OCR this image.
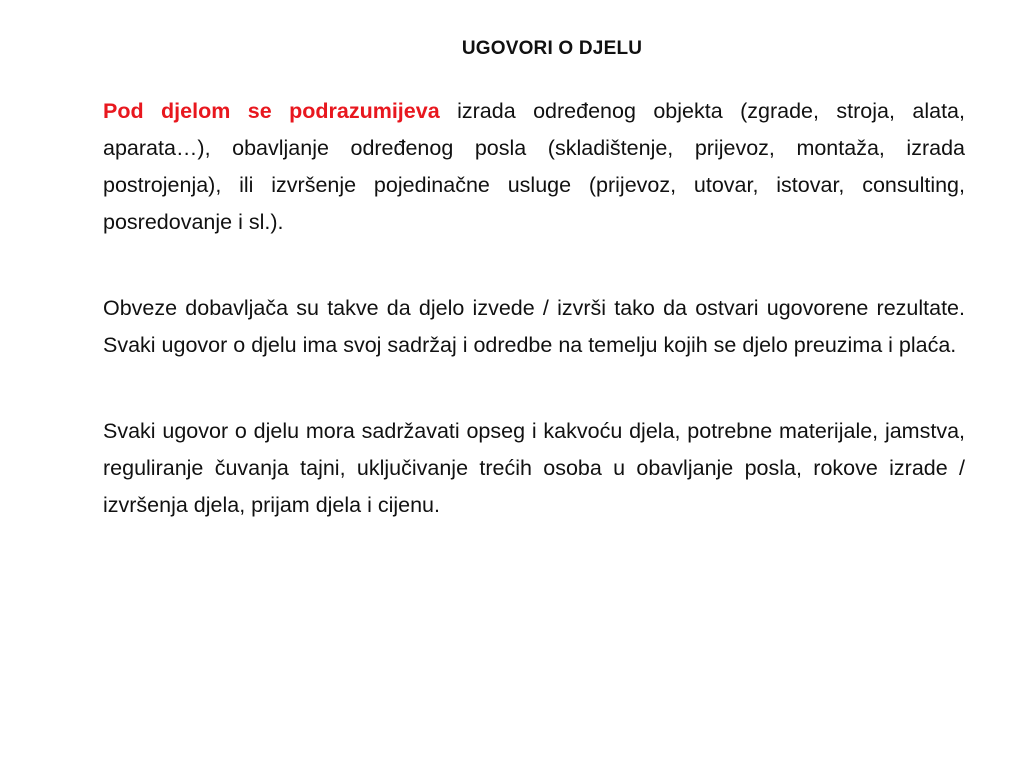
UGOVORI O DJELU

Pod djelom se podrazumijeva izrada određenog objekta (zgrade, stroja, alata, aparata…), obavljanje određenog posla (skladištenje, prijevoz, montaža, izrada postrojenja), ili izvršenje pojedinačne usluge (prijevoz, utovar, istovar, consulting, posredovanje i sl.).

Obveze dobavljača su takve da djelo izvede / izvrši tako da ostvari ugovorene rezultate. Svaki ugovor o djelu ima svoj sadržaj i odredbe na temelju kojih se djelo preuzima i plaća.

Svaki ugovor o djelu mora sadržavati opseg i kakvoću djela, potrebne materijale, jamstva, reguliranje čuvanja tajni, uključivanje trećih osoba u obavljanje posla, rokove izrade / izvršenja djela, prijam djela i cijenu.
